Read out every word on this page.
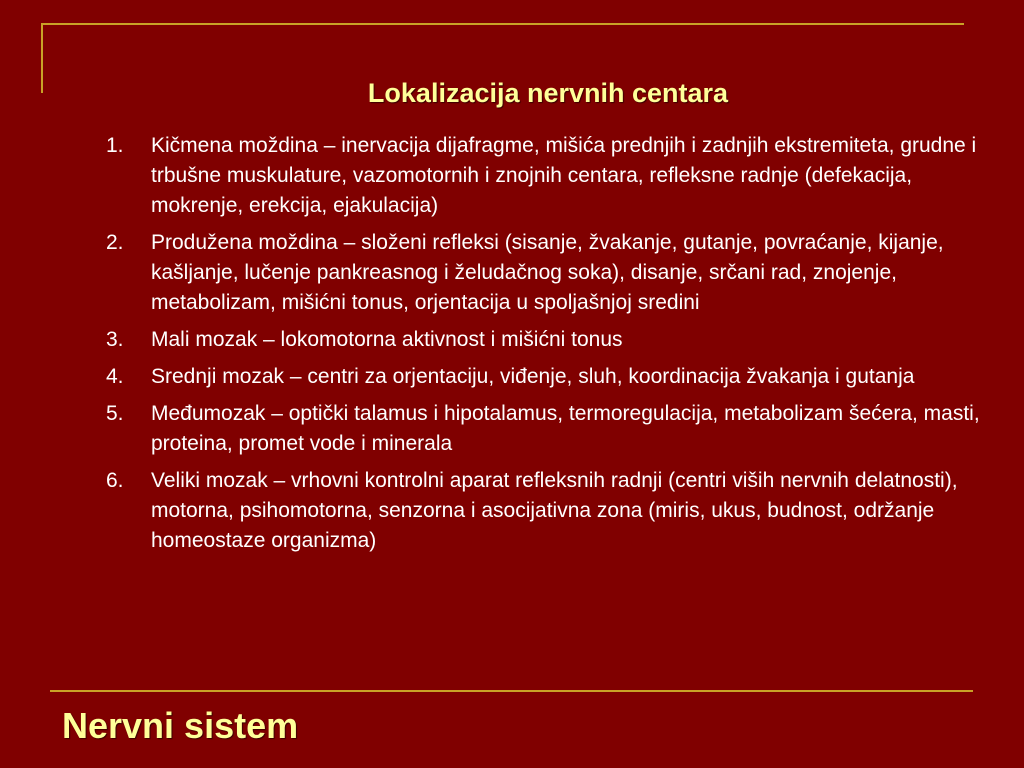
Lokalizacija nervnih centara
1.	Kičmena moždina – inervacija dijafragme, mišića prednjih i zadnjih ekstremiteta, grudne i trbušne muskulature, vazomotornih i znojnih centara, refleksne radnje (defekacija, mokrenje, erekcija, ejakulacija)
2.	Produžena moždina – složeni refleksi (sisanje, žvakanje, gutanje, povraćanje, kijanje, kašljanje, lučenje pankreasnog i želudačnog soka), disanje, srčani rad, znojenje, metabolizam, mišićni tonus, orjentacija u spoljašnjoj sredini
3.	Mali mozak – lokomotorna aktivnost i mišićni tonus
4.	Srednji mozak – centri za orjentaciju, viđenje, sluh, koordinacija žvakanja i gutanja
5.	Međumozak – optički talamus i hipotalamus, termoregulacija, metabolizam šećera, masti, proteina, promet vode i minerala
6.	Veliki mozak – vrhovni kontrolni aparat refleksnih radnji (centri viših nervnih delatnosti), motorna, psihomotorna, senzorna i asocijativna zona (miris, ukus, budnost, održanje homeostaze organizma)
Nervni sistem
